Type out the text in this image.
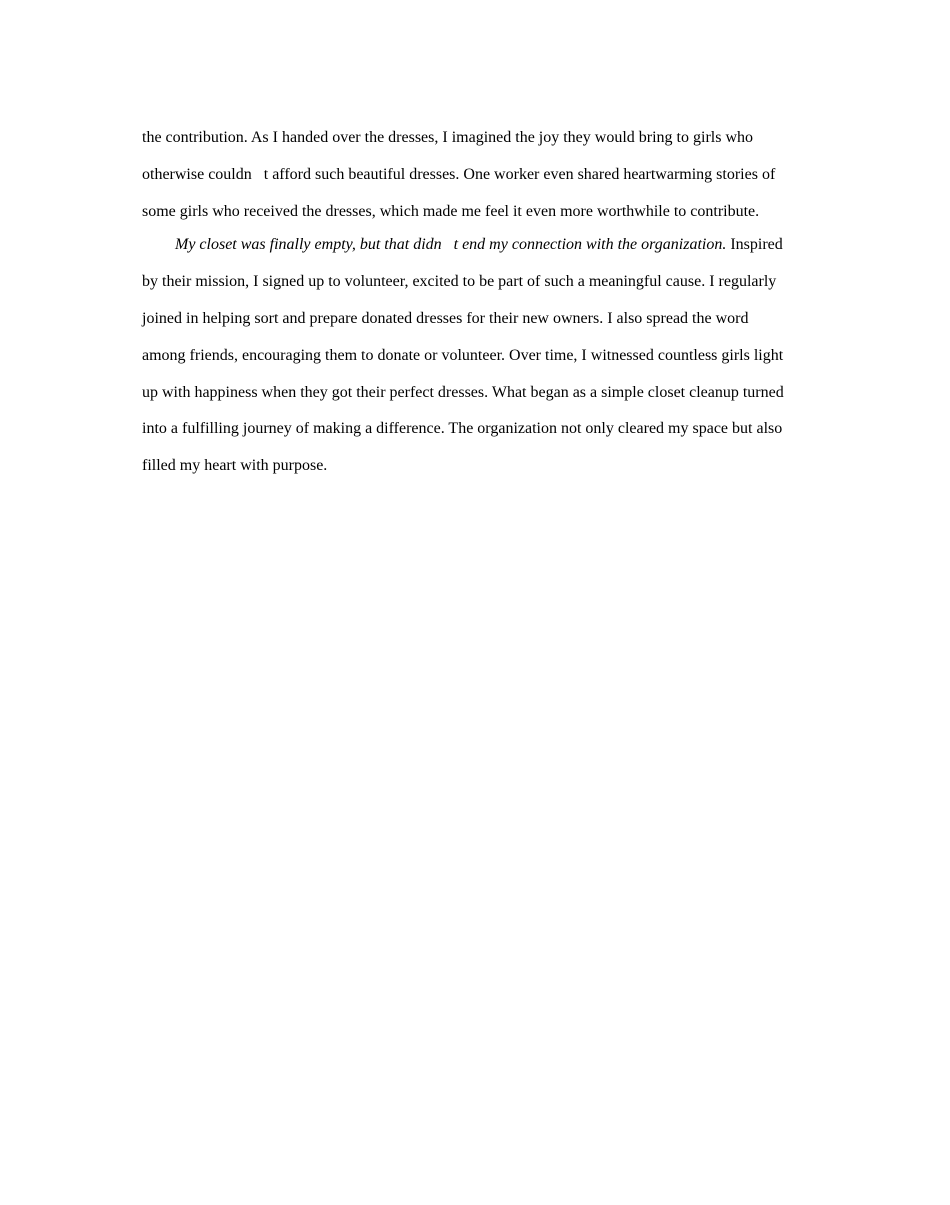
the contribution. As I handed over the dresses, I imagined the joy they would bring to girls who
otherwise couldn   t afford such beautiful dresses. One worker even shared heartwarming stories of
some girls who received the dresses, which made me feel it even more worthwhile to contribute.
My closet was finally empty, but that didn   t end my connection with the organization. Inspired
by their mission, I signed up to volunteer, excited to be part of such a meaningful cause. I regularly
joined in helping sort and prepare donated dresses for their new owners. I also spread the word
among friends, encouraging them to donate or volunteer. Over time, I witnessed countless girls light
up with happiness when they got their perfect dresses. What began as a simple closet cleanup turned
into a fulfilling journey of making a difference. The organization not only cleared my space but also
filled my heart with purpose.
